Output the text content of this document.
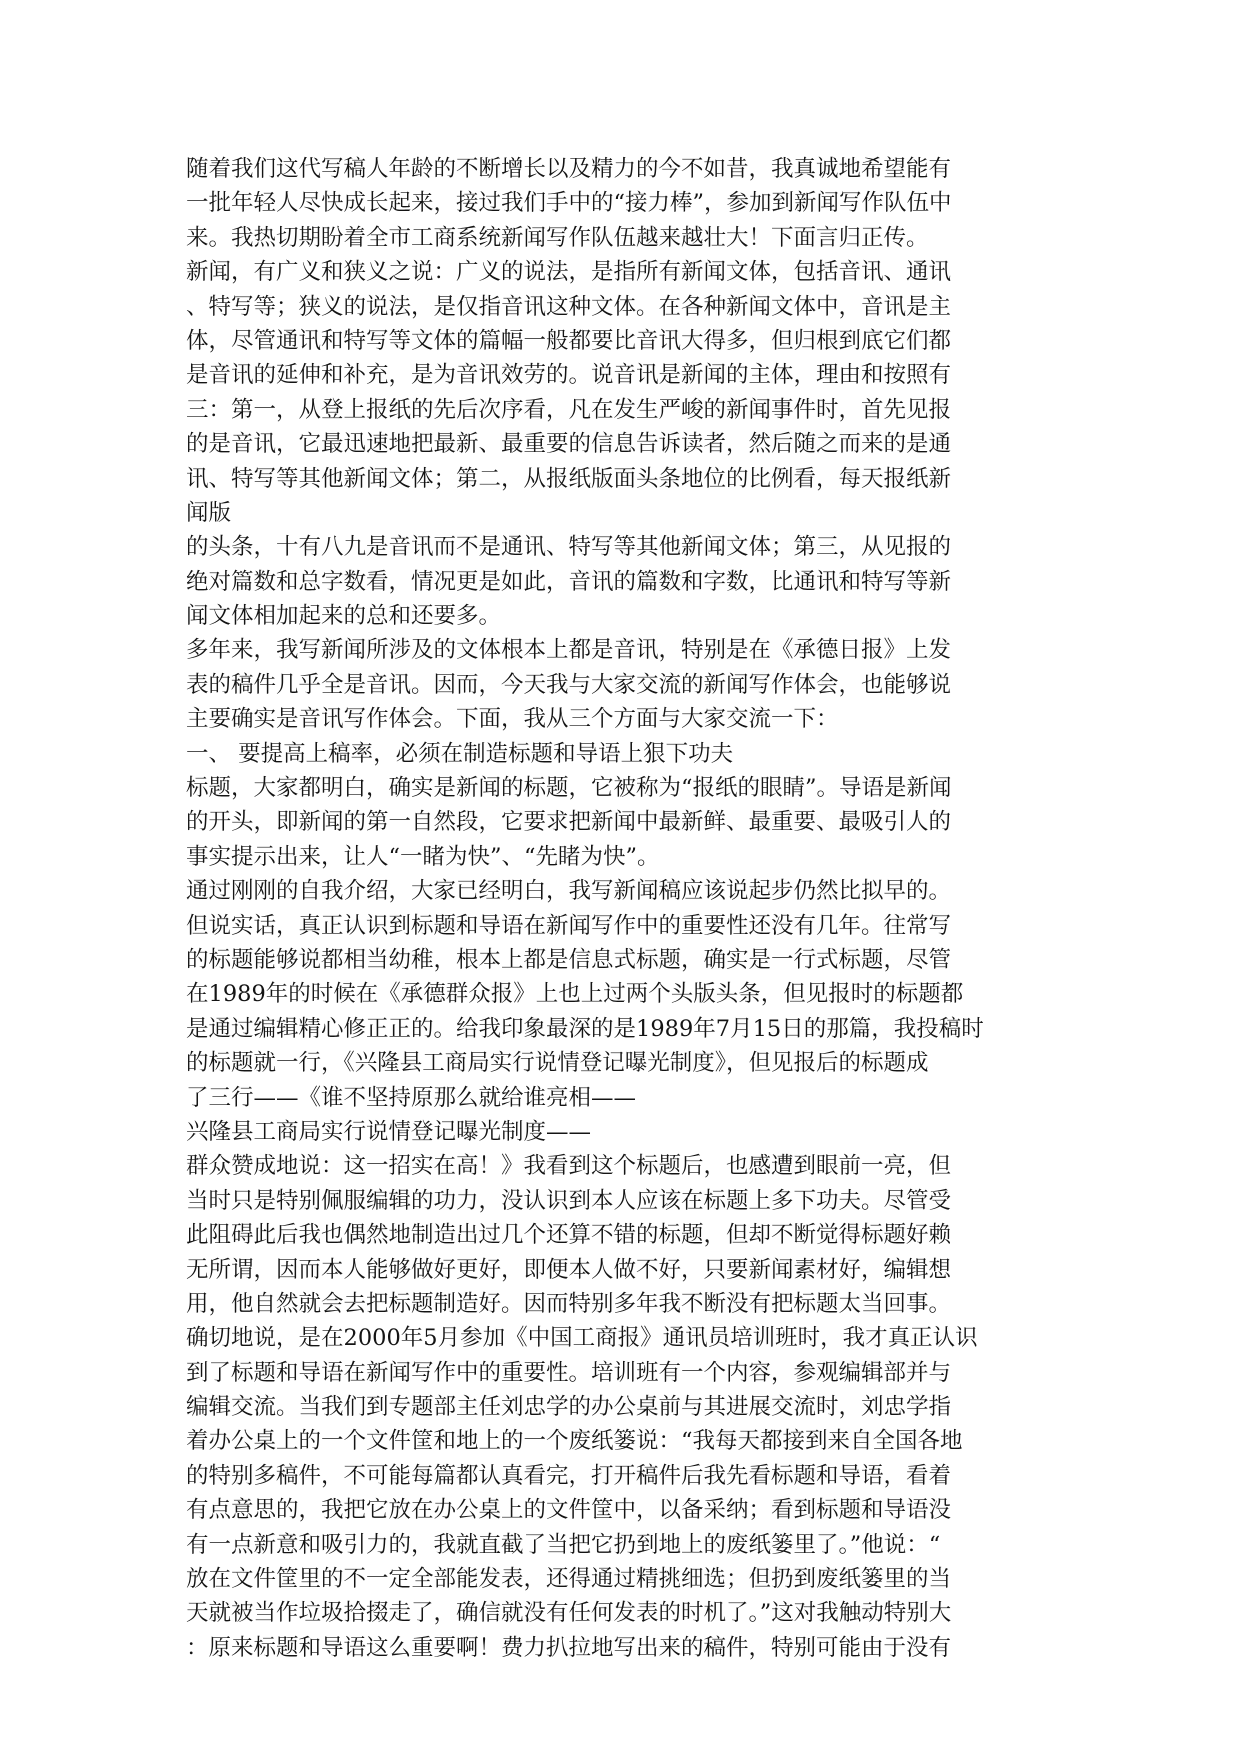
随着我们这代写稿人年龄的不断增长以及精力的今不如昔，我真诚地希望能有
一批年轻人尽快成长起来，接过我们手中的“接力棒”，参加到新闻写作队伍中
来。我热切期盼着全市工商系统新闻写作队伍越来越壮大！下面言归正传。
新闻，有广义和狭义之说：广义的说法，是指所有新闻文体，包括音讯、通讯
、特写等；狭义的说法，是仅指音讯这种文体。在各种新闻文体中，音讯是主
体，尽管通讯和特写等文体的篇幅一般都要比音讯大得多，但归根到底它们都
是音讯的延伸和补充，是为音讯效劳的。说音讯是新闻的主体，理由和按照有
三：第一，从登上报纸的先后次序看，凡在发生严峻的新闻事件时，首先见报
的是音讯，它最迅速地把最新、最重要的信息告诉读者，然后随之而来的是通
讯、特写等其他新闻文体；第二，从报纸版面头条地位的比例看，每天报纸新
闻版
的头条，十有八九是音讯而不是通讯、特写等其他新闻文体；第三，从见报的
绝对篇数和总字数看，情况更是如此，音讯的篇数和字数，比通讯和特写等新
闻文体相加起来的总和还要多。
多年来，我写新闻所涉及的文体根本上都是音讯，特别是在《承德日报》上发
表的稿件几乎全是音讯。因而，今天我与大家交流的新闻写作体会，也能够说
主要确实是音讯写作体会。下面，我从三个方面与大家交流一下：
一、 要提高上稿率，必须在制造标题和导语上狠下功夫
标题，大家都明白，确实是新闻的标题，它被称为“报纸的眼睛”。导语是新闻
的开头，即新闻的第一自然段，它要求把新闻中最新鲜、最重要、最吸引人的
事实提示出来，让人“一睹为快”、“先睹为快”。
通过刚刚的自我介绍，大家已经明白，我写新闻稿应该说起步仍然比拟早的。
但说实话，真正认识到标题和导语在新闻写作中的重要性还没有几年。往常写
的标题能够说都相当幼稚，根本上都是信息式标题，确实是一行式标题，尽管
在1989年的时候在《承德群众报》上也上过两个头版头条，但见报时的标题都
是通过编辑精心修正正的。给我印象最深的是1989年7月15日的那篇，我投稿时
的标题就一行，《兴隆县工商局实行说情登记曝光制度》，但见报后的标题成
了三行——《谁不坚持原那么就给谁亮相——
兴隆县工商局实行说情登记曝光制度——
群众赞成地说：这一招实在高！》我看到这个标题后，也感遭到眼前一亮，但
当时只是特别佩服编辑的功力，没认识到本人应该在标题上多下功夫。尽管受
此阻碍此后我也偶然地制造出过几个还算不错的标题，但却不断觉得标题好赖
无所谓，因而本人能够做好更好，即便本人做不好，只要新闻素材好，编辑想
用，他自然就会去把标题制造好。因而特别多年我不断没有把标题太当回事。
确切地说，是在2000年5月参加《中国工商报》通讯员培训班时，我才真正认识
到了标题和导语在新闻写作中的重要性。培训班有一个内容，参观编辑部并与
编辑交流。当我们到专题部主任刘忠学的办公桌前与其进展交流时，刘忠学指
着办公桌上的一个文件筐和地上的一个废纸篓说：“我每天都接到来自全国各地
的特别多稿件，不可能每篇都认真看完，打开稿件后我先看标题和导语，看着
有点意思的，我把它放在办公桌上的文件筐中，以备采纳；看到标题和导语没
有一点新意和吸引力的，我就直截了当把它扔到地上的废纸篓里了。”他说：“
放在文件筐里的不一定全部能发表，还得通过精挑细选；但扔到废纸篓里的当
天就被当作垃圾拾掇走了，确信就没有任何发表的时机了。”这对我触动特别大
：原来标题和导语这么重要啊！费力扒拉地写出来的稿件，特别可能由于没有
